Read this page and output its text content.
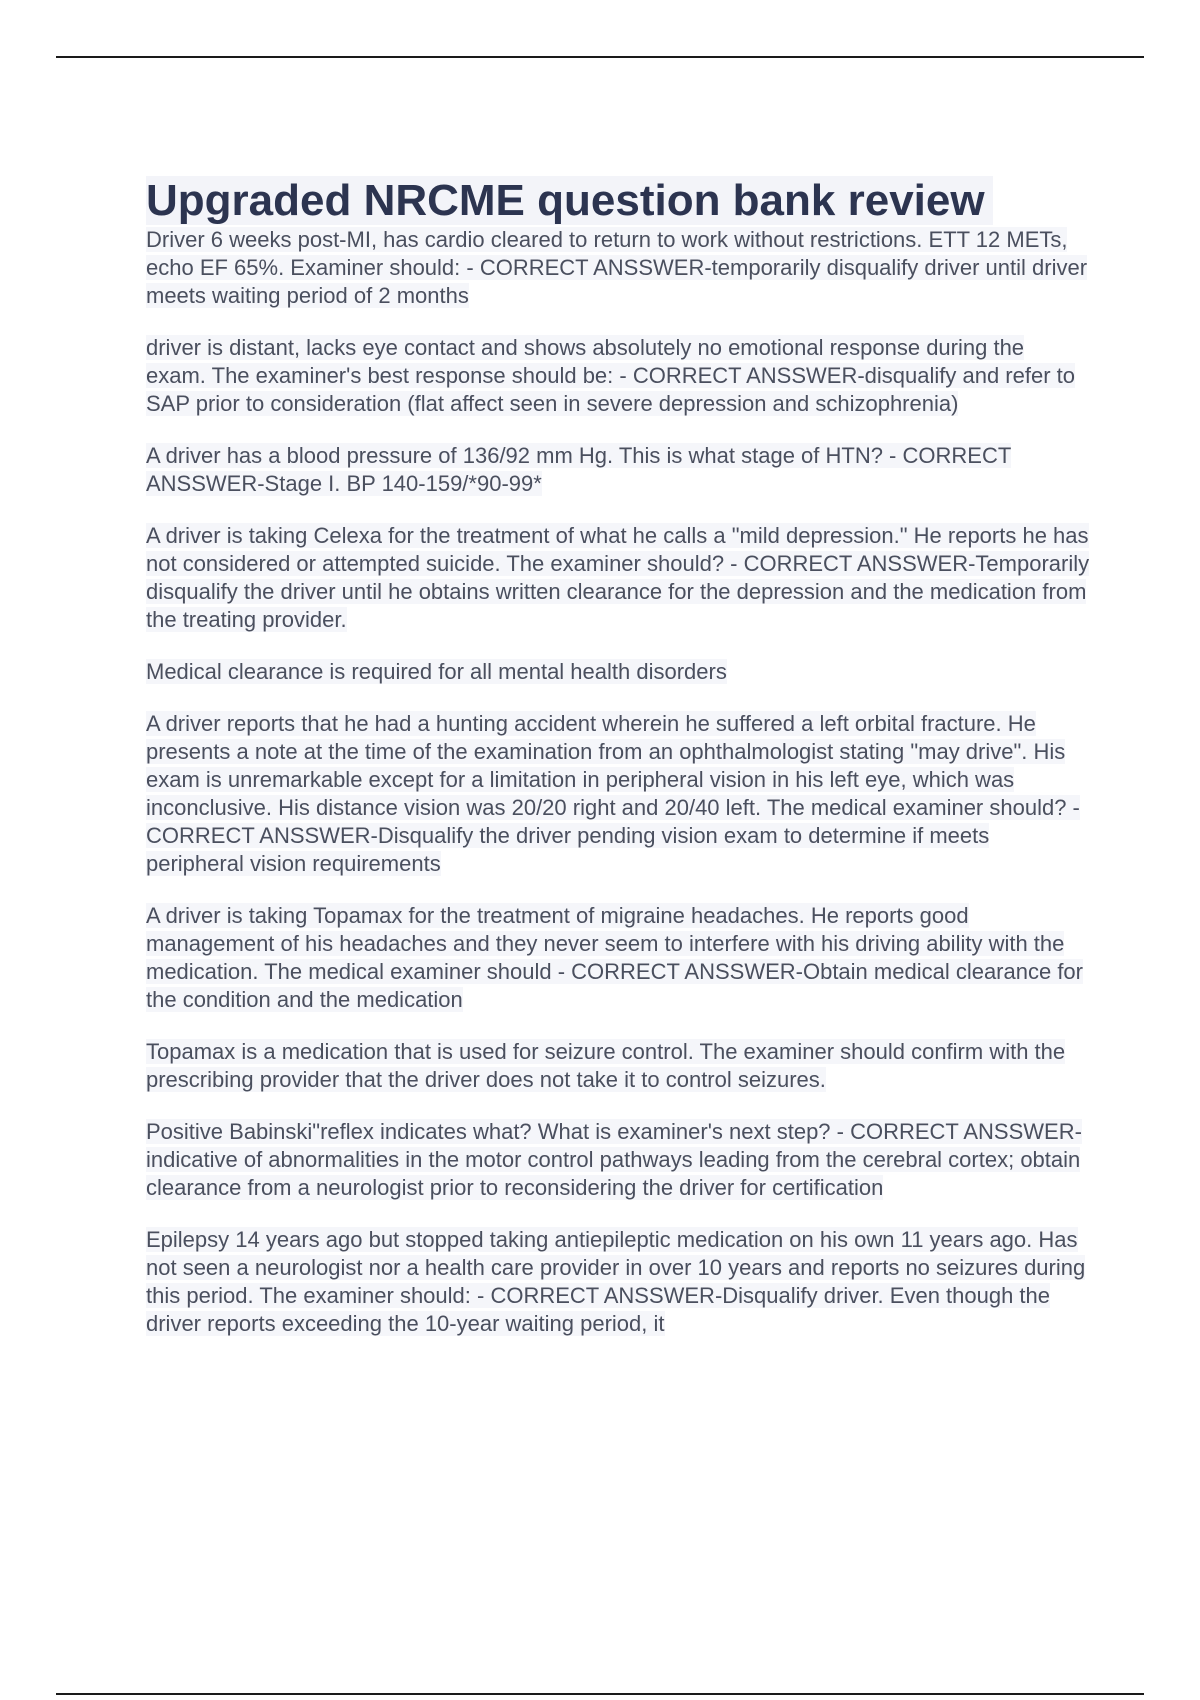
Upgraded NRCME question bank review

Driver 6 weeks post-MI, has cardio cleared to return to work without restrictions. ETT 12 METs, echo EF 65%. Examiner should: - CORRECT ANSSWER-temporarily disqualify driver until driver meets waiting period of 2 months

driver is distant, lacks eye contact and shows absolutely no emotional response during the exam. The examiner's best response should be: - CORRECT ANSSWER-disqualify and refer to SAP prior to consideration (flat affect seen in severe depression and schizophrenia)

A driver has a blood pressure of 136/92 mm Hg. This is what stage of HTN? - CORRECT ANSSWER-Stage I. BP 140-159/*90-99*

A driver is taking Celexa for the treatment of what he calls a "mild depression." He reports he has not considered or attempted suicide. The examiner should? - CORRECT ANSSWER-Temporarily disqualify the driver until he obtains written clearance for the depression and the medication from the treating provider.

Medical clearance is required for all mental health disorders

A driver reports that he had a hunting accident wherein he suffered a left orbital fracture. He presents a note at the time of the examination from an ophthalmologist stating "may drive". His exam is unremarkable except for a limitation in peripheral vision in his left eye, which was inconclusive. His distance vision was 20/20 right and 20/40 left. The medical examiner should? - CORRECT ANSSWER-Disqualify the driver pending vision exam to determine if meets peripheral vision requirements

A driver is taking Topamax for the treatment of migraine headaches. He reports good management of his headaches and they never seem to interfere with his driving ability with the medication. The medical examiner should - CORRECT ANSSWER-Obtain medical clearance for the condition and the medication

Topamax is a medication that is used for seizure control. The examiner should confirm with the prescribing provider that the driver does not take it to control seizures.

Positive Babinski"reflex indicates what? What is examiner's next step? - CORRECT ANSSWER-indicative of abnormalities in the motor control pathways leading from the cerebral cortex; obtain clearance from a neurologist prior to reconsidering the driver for certification

Epilepsy 14 years ago but stopped taking antiepileptic medication on his own 11 years ago. Has not seen a neurologist nor a health care provider in over 10 years and reports no seizures during this period. The examiner should: - CORRECT ANSSWER-Disqualify driver. Even though the driver reports exceeding the 10-year waiting period, it
